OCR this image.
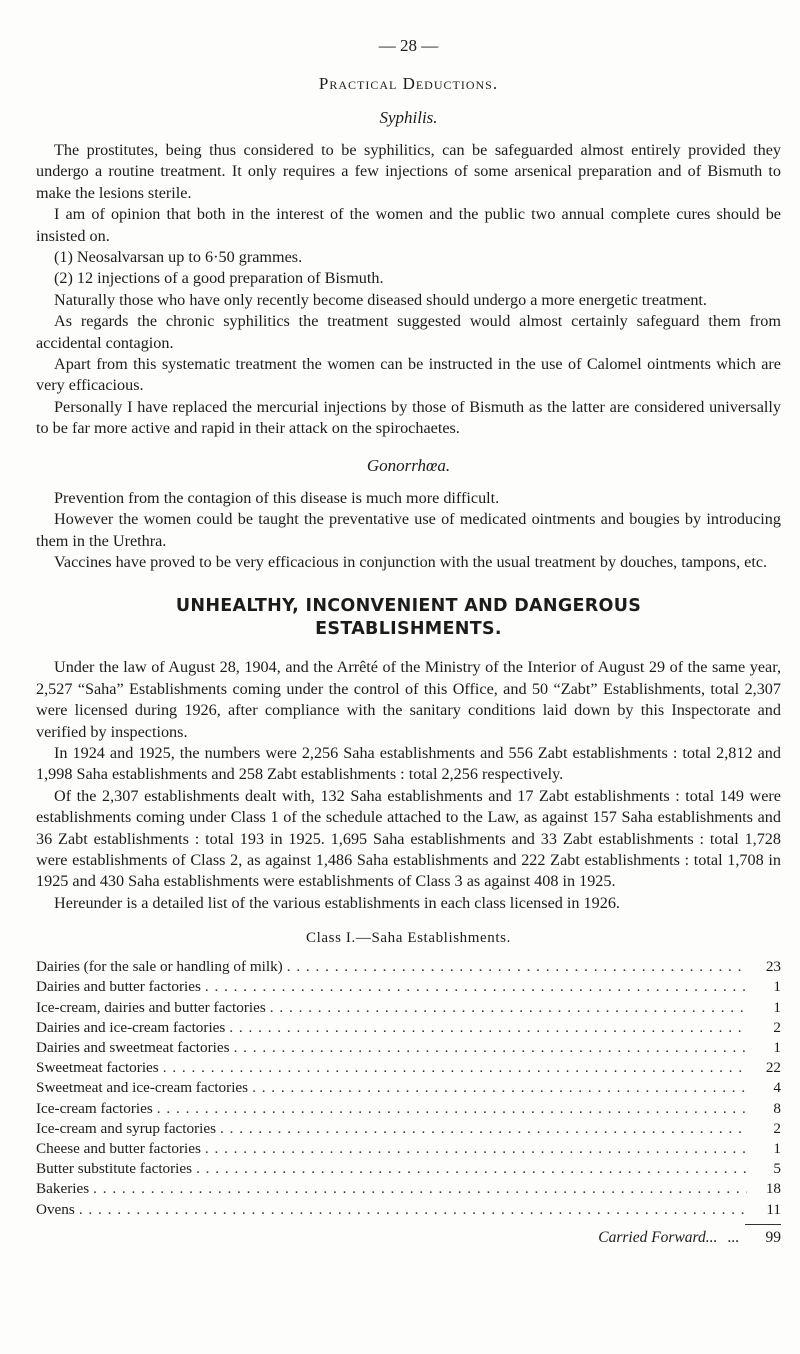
— 28 —
Practical Deductions.
Syphilis.

The prostitutes, being thus considered to be syphilitics, can be safeguarded almost entirely provided they undergo a routine treatment. It only requires a few injections of some arsenical preparation and of Bismuth to make the lesions sterile.

I am of opinion that both in the interest of the women and the public two annual complete cures should be insisted on.

(1) Neosalvarsan up to 6·50 grammes.
(2) 12 injections of a good preparation of Bismuth.

Naturally those who have only recently become diseased should undergo a more energetic treatment.

As regards the chronic syphilitics the treatment suggested would almost certainly safeguard them from accidental contagion.

Apart from this systematic treatment the women can be instructed in the use of Calomel ointments which are very efficacious.

Personally I have replaced the mercurial injections by those of Bismuth as the latter are considered universally to be far more active and rapid in their attack on the spirochaetes.

Gonorrhœa.

Prevention from the contagion of this disease is much more difficult.

However the women could be taught the preventative use of medicated ointments and bougies by introducing them in the Urethra.

Vaccines have proved to be very efficacious in conjunction with the usual treatment by douches, tampons, etc.

UNHEALTHY, INCONVENIENT AND DANGEROUS
ESTABLISHMENTS.

Under the law of August 28, 1904, and the Arrêté of the Ministry of the Interior of August 29 of the same year, 2,527 “Saha” Establishments coming under the control of this Office, and 50 “Zabt” Establishments, total 2,307 were licensed during 1926, after compliance with the sanitary conditions laid down by this Inspectorate and verified by inspections.

In 1924 and 1925, the numbers were 2,256 Saha establishments and 556 Zabt establishments : total 2,812 and 1,998 Saha establishments and 258 Zabt establishments : total 2,256 respectively.

Of the 2,307 establishments dealt with, 132 Saha establishments and 17 Zabt establishments : total 149 were establishments coming under Class 1 of the schedule attached to the Law, as against 157 Saha establishments and 36 Zabt establishments : total 193 in 1925. 1,695 Saha establishments and 33 Zabt establishments : total 1,728 were establishments of Class 2, as against 1,486 Saha establishments and 222 Zabt establishments : total 1,708 in 1925 and 430 Saha establishments were establishments of Class 3 as against 408 in 1925.

Hereunder is a detailed list of the various establishments in each class licensed in 1926.

Class I.—Saha Establishments.
Dairies (for the sale or handling of milk) . . .	23
Dairies and butter factories . . .	1
Ice-cream, dairies and butter factories . . .	1
Dairies and ice-cream factories . . .	2
Dairies and sweetmeat factories . . .	1
Sweetmeat factories . . .	22
Sweetmeat and ice-cream factories . . .	4
Ice-cream factories . . .	8
Ice-cream and syrup factories . . .	2
Cheese and butter factories . . .	1
Butter substitute factories . . .	5
Bakeries . . .	18
Ovens . . .	11
Carried Forward... ...	99
